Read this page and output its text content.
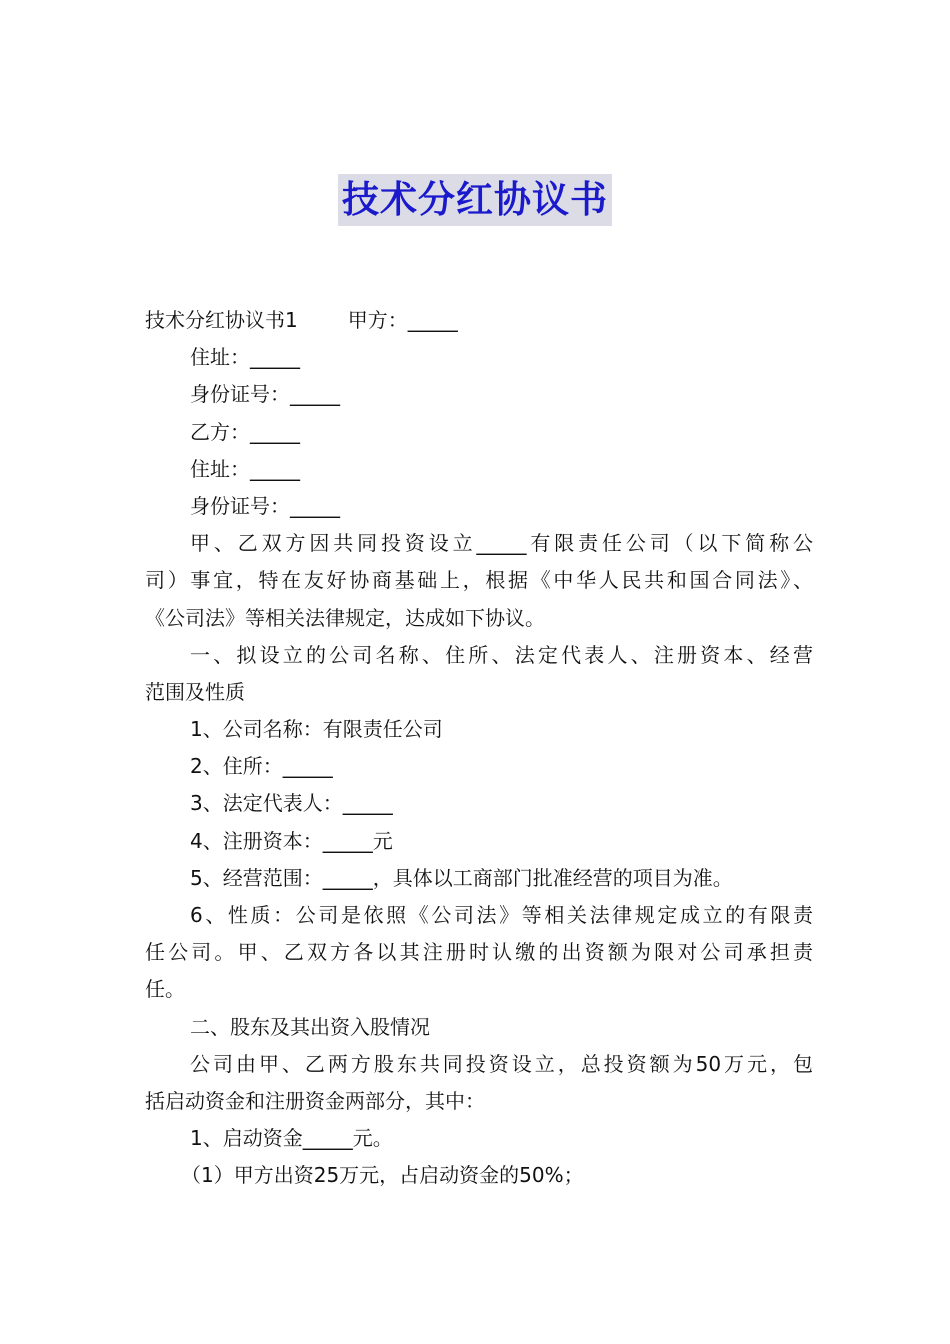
技术分红协议书
技术分红协议书1	甲方：_____
住址：_____
身份证号：_____
乙方：_____
住址：_____
身份证号：_____
甲、乙双方因共同投资设立_____有限责任公司（以下简称公
司）事宜，特在友好协商基础上，根据《中华人民共和国合同法》、
《公司法》等相关法律规定，达成如下协议。
一、拟设立的公司名称、住所、法定代表人、注册资本、经营
范围及性质
1、公司名称：有限责任公司
2、住所：_____
3、法定代表人：_____
4、注册资本：_____元
5、经营范围：_____，具体以工商部门批准经营的项目为准。
6、性质：公司是依照《公司法》等相关法律规定成立的有限责
任公司。甲、乙双方各以其注册时认缴的出资额为限对公司承担责
任。
二、股东及其出资入股情况
公司由甲、乙两方股东共同投资设立，总投资额为50万元，包
括启动资金和注册资金两部分，其中：
1、启动资金_____元。
（1）甲方出资25万元，占启动资金的50%；
